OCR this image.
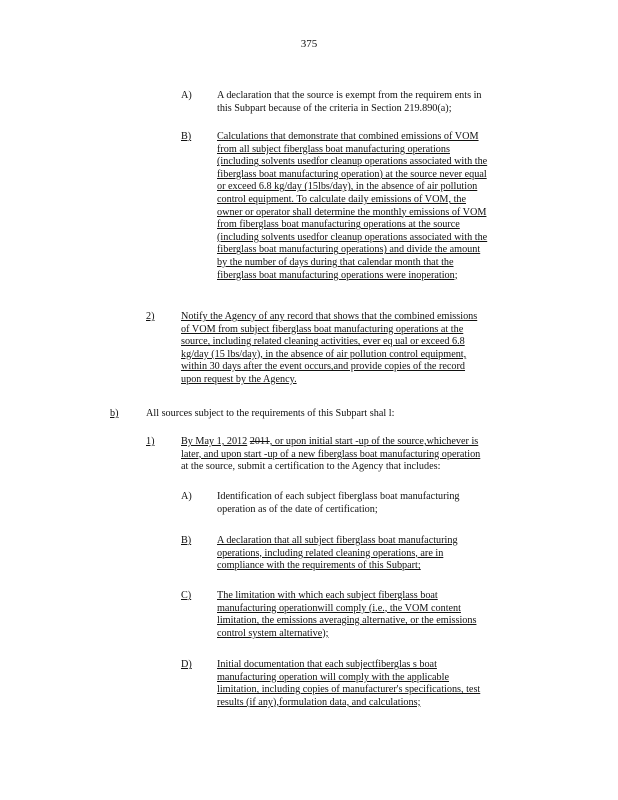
375
A) A declaration that the source is exempt from the requirem ents in
this Subpart because of the criteria in Section 219.890(a);
B)	Calculations that demonstrate that combined emissions of VOM
from all subject fiberglass boat manufacturing operations
(including solvents usedfor cleanup operations associated with the
fiberglass boat manufacturing operation) at the source never equal
or exceed 6.8 kg/day (15lbs/day), in the absence of air pollution
control equipment. To calculate daily emissions of VOM, the
owner or operator shall determine the monthly emissions of VOM
from fiberglass boat manufacturing operations at the source
(including solvents usedfor cleanup operations associated with the
fiberglass boat manufacturing operations) and divide the amount
by the number of days during that calendar month that the
fiberglass boat manufacturing operations were inoperation;
2)	Notify the Agency of any record that shows that the combined emissions
of VOM from subject fiberglass boat manufacturing operations at the
source, including related cleaning activities, ever eq ual or exceed 6.8
kg/day (15 lbs/day), in the absence of air pollution control equipment,
within 30 days after the event occurs,and provide copies of the record
upon request by the Agency.
b)	All sources subject to the requirements of this Subpart shal l:
1)	By May 1, 2012 2011, or upon initial start -up of the source,whichever is
later, and upon start -up of a new fiberglass boat manufacturing operation
at the source, submit a certification to the Agency that includes:
A) Identification of each subject fiberglass boat manufacturing
operation as of the date of certification;
B)	A declaration that all subject fiberglass boat manufacturing
operations, including related cleaning operations, are in
compliance with the requirements of this Subpart;
C)	The limitation with which each subject fiberglass boat
manufacturing operationwill comply (i.e., the VOM content
limitation, the emissions averaging alternative, or the emissions
control system alternative);
D) Initial documentation that each subjectfiberglas s boat
manufacturing operation will comply with the applicable
limitation, including copies of manufacturer's specifications, test
results (if any),formulation data, and calculations;
